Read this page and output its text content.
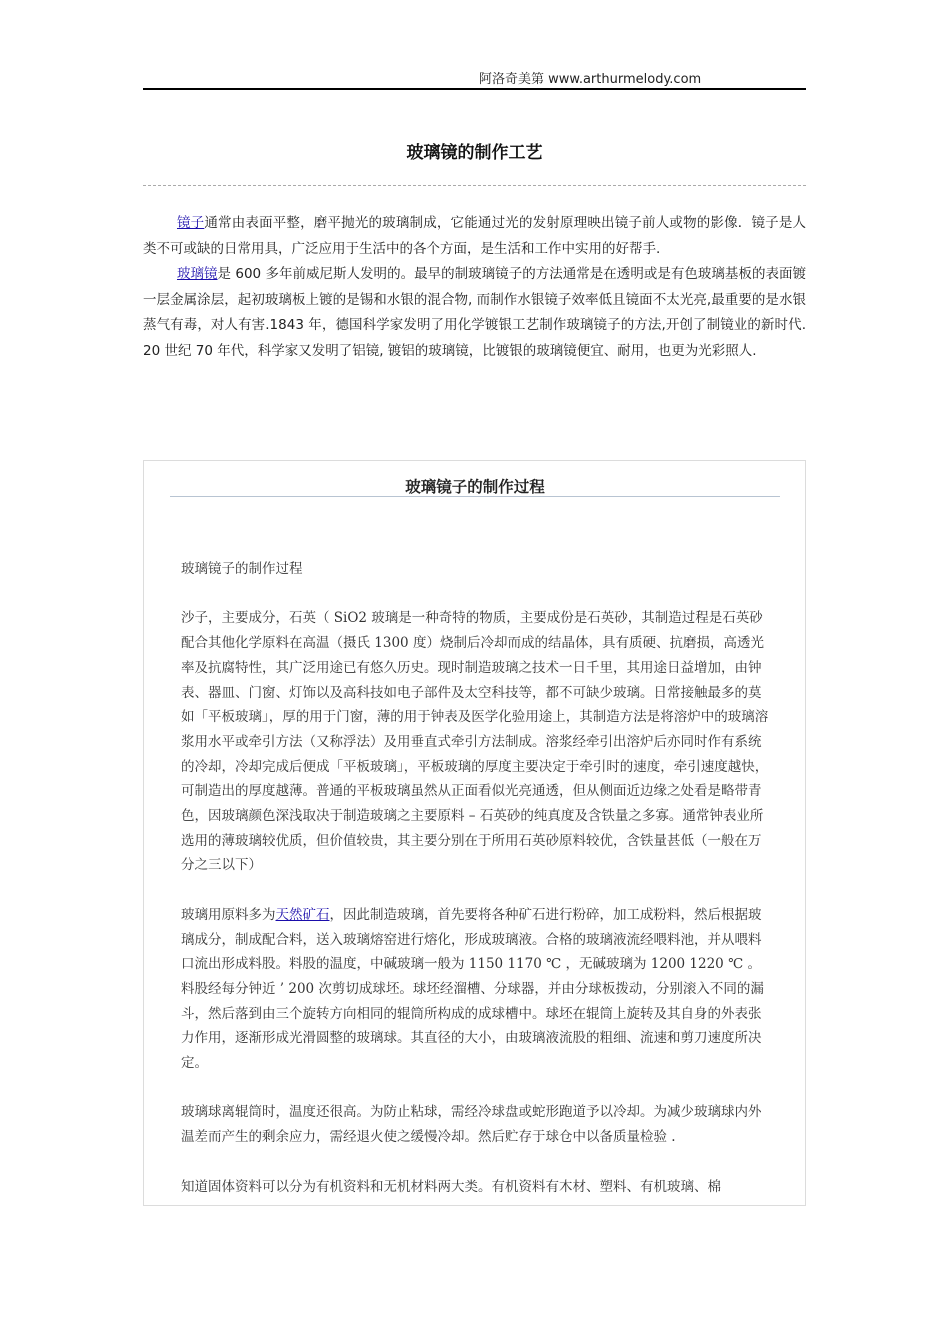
阿洛奇美第 www.arthurmelody.com
玻璃镜的制作工艺

镜子通常由表面平整，磨平抛光的玻璃制成，它能通过光的发射原理映出镜子前人或物的影像．镜子是人类不可或缺的日常用具，广泛应用于生活中的各个方面，是生活和工作中实用的好帮手.

玻璃镜是 600 多年前威尼斯人发明的。最早的制玻璃镜子的方法通常是在透明或是有色玻璃基板的表面镀一层金属涂层，起初玻璃板上镀的是锡和水银的混合物, 而制作水银镜子效率低且镜面不太光亮,最重要的是水银蒸气有毒，对人有害.1843 年，德国科学家发明了用化学镀银工艺制作玻璃镜子的方法,开创了制镜业的新时代. 20 世纪 70 年代，科学家又发明了铝镜, 镀铝的玻璃镜，比镀银的玻璃镜便宜、耐用，也更为光彩照人.

玻璃镜子的制作过程

玻璃镜子的制作过程

沙子，主要成分，石英（ SiO2 玻璃是一种奇特的物质，主要成份是石英砂，其制造过程是石英砂配合其他化学原料在高温（摄氏 1300 度）烧制后冷却而成的结晶体，具有质硬、抗磨损，高透光率及抗腐特性，其广泛用途已有悠久历史。现时制造玻璃之技术一日千里，其用途日益增加，由钟表、器皿、门窗、灯饰以及高科技如电子部件及太空科技等，都不可缺少玻璃。日常接触最多的莫如「平板玻璃」，厚的用于门窗，薄的用于钟表及医学化验用途上，其制造方法是将溶炉中的玻璃溶浆用水平或牵引方法（又称浮法）及用垂直式牵引方法制成。溶浆经牵引出溶炉后亦同时作有系统的冷却，冷却完成后便成「平板玻璃」，平板玻璃的厚度主要决定于牵引时的速度，牵引速度越快，可制造出的厚度越薄。普通的平板玻璃虽然从正面看似光亮通透，但从侧面近边缘之处看是略带青色，因玻璃颜色深浅取决于制造玻璃之主要原料 – 石英砂的纯真度及含铁量之多寡。通常钟表业所选用的薄玻璃较优质，但价值较贵，其主要分别在于所用石英砂原料较优，含铁量甚低（一般在万分之三以下）

玻璃用原料多为天然矿石，因此制造玻璃，首先要将各种矿石进行粉碎，加工成粉料，然后根据玻璃成分，制成配合料，送入玻璃熔窑进行熔化，形成玻璃液。合格的玻璃液流经喂料池，并从喂料口流出形成料股。料股的温度，中碱玻璃一般为 1150 1170 ℃ ，无碱玻璃为 1200 1220 ℃ 。料股经每分钟近 ’ 200 次剪切成球坯。球坯经溜槽、分球器，并由分球板拨动，分别滚入不同的漏斗，然后落到由三个旋转方向相同的辊筒所构成的成球槽中。球坯在辊筒上旋转及其自身的外表张力作用，逐渐形成光滑圆整的玻璃球。其直径的大小，由玻璃液流股的粗细、流速和剪刀速度所决定。

玻璃球离辊筒时，温度还很高。为防止粘球，需经冷球盘或蛇形跑道予以冷却。为减少玻璃球内外温差而产生的剩余应力，需经退火使之缓慢冷却。然后贮存于球仓中以备质量检验 .

知道固体资料可以分为有机资料和无机材料两大类。有机资料有木材、塑料、有机玻璃、棉
